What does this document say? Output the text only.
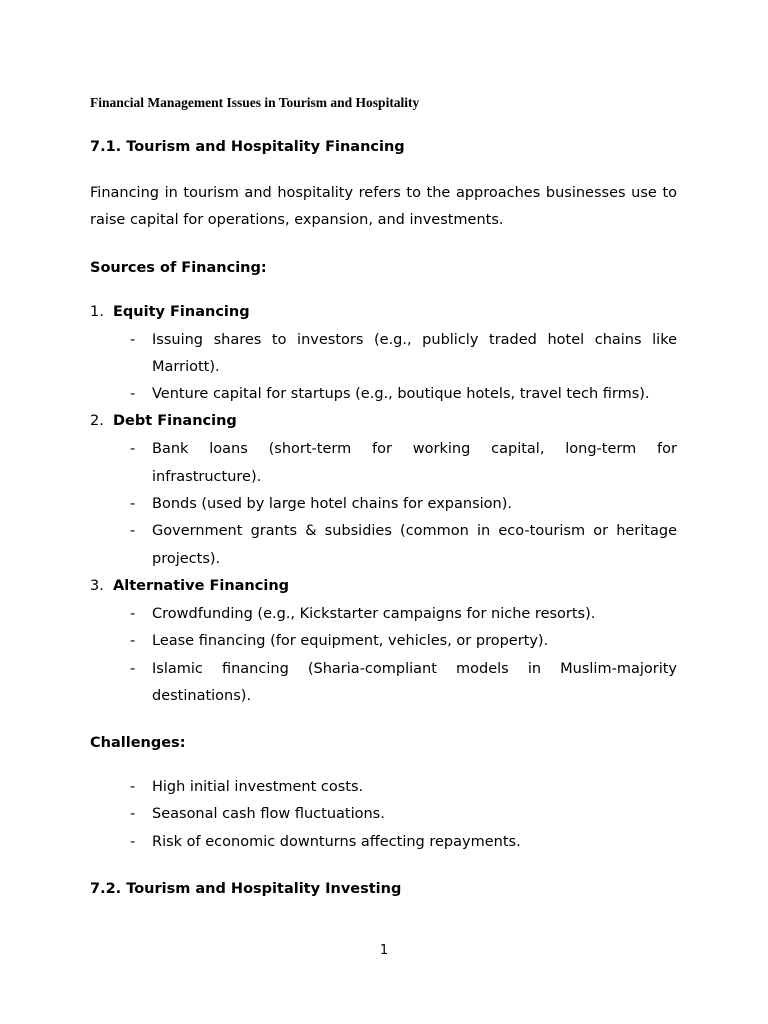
Financial Management Issues in Tourism and Hospitality
7.1. Tourism and Hospitality Financing

Financing in tourism and hospitality refers to the approaches businesses use to raise capital for operations, expansion, and investments.

Sources of Financing:
1. Equity Financing
-	Issuing shares to investors (e.g., publicly traded hotel chains like Marriott).
-	Venture capital for startups (e.g., boutique hotels, travel tech firms).
2. Debt Financing
-	Bank loans (short-term for working capital, long-term for infrastructure).
-	Bonds (used by large hotel chains for expansion).
-	Government grants & subsidies (common in eco-tourism or heritage projects).
3. Alternative Financing
-	Crowdfunding (e.g., Kickstarter campaigns for niche resorts).
-	Lease financing (for equipment, vehicles, or property).
-	Islamic financing (Sharia-compliant models in Muslim-majority destinations).
Challenges:
-	High initial investment costs.
-	Seasonal cash flow fluctuations.
-	Risk of economic downturns affecting repayments.
7.2. Tourism and Hospitality Investing
1
